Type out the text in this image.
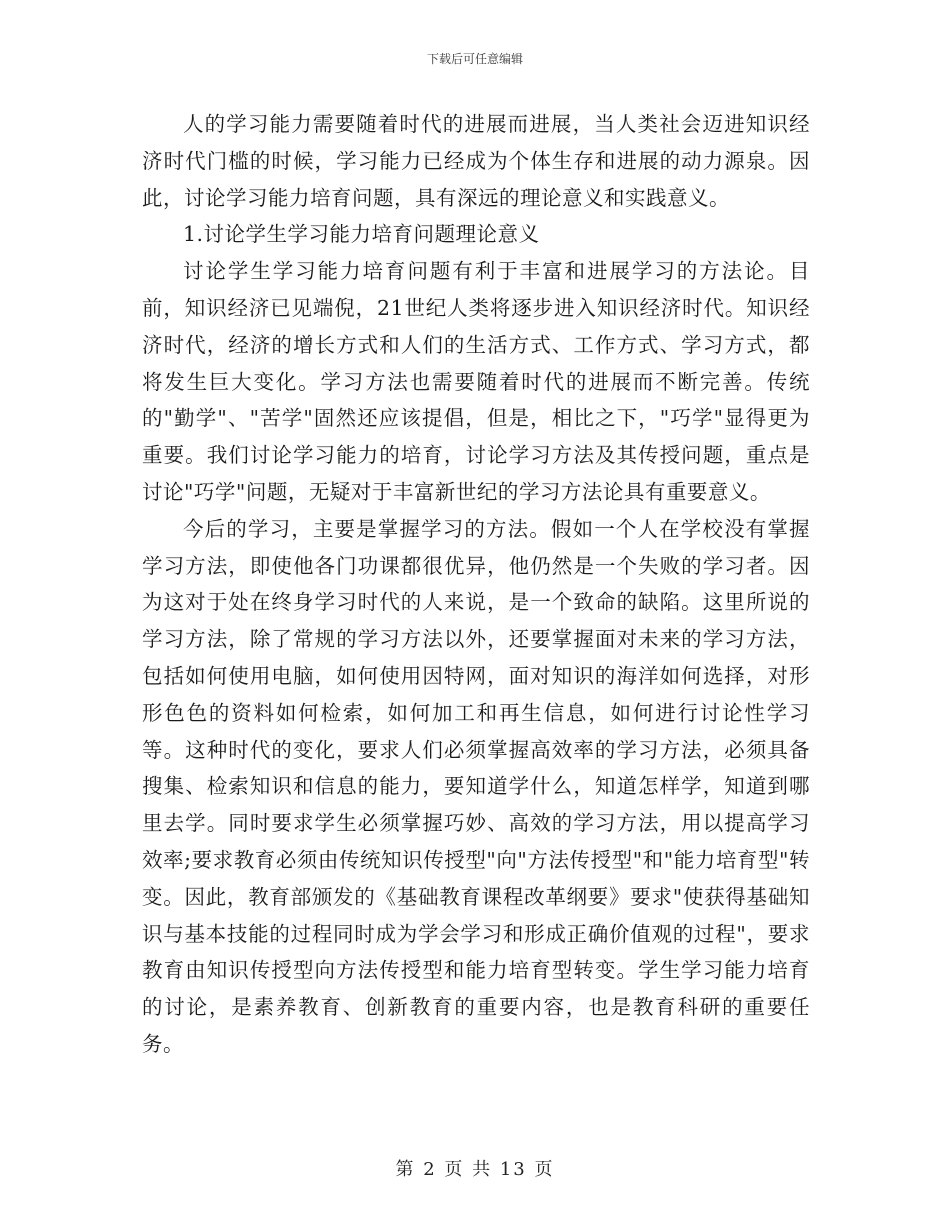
下载后可任意编辑

人的学习能力需要随着时代的进展而进展，当人类社会迈进知识经济时代门槛的时候，学习能力已经成为个体生存和进展的动力源泉。因此，讨论学习能力培育问题，具有深远的理论意义和实践意义。

1.讨论学生学习能力培育问题理论意义

讨论学生学习能力培育问题有利于丰富和进展学习的方法论。目前，知识经济已见端倪，21世纪人类将逐步进入知识经济时代。知识经济时代，经济的增长方式和人们的生活方式、工作方式、学习方式，都将发生巨大变化。学习方法也需要随着时代的进展而不断完善。传统的"勤学"、"苦学"固然还应该提倡，但是，相比之下，"巧学"显得更为重要。我们讨论学习能力的培育，讨论学习方法及其传授问题，重点是讨论"巧学"问题，无疑对于丰富新世纪的学习方法论具有重要意义。

今后的学习，主要是掌握学习的方法。假如一个人在学校没有掌握学习方法，即使他各门功课都很优异，他仍然是一个失败的学习者。因为这对于处在终身学习时代的人来说，是一个致命的缺陷。这里所说的学习方法，除了常规的学习方法以外，还要掌握面对未来的学习方法，包括如何使用电脑，如何使用因特网，面对知识的海洋如何选择，对形形色色的资料如何检索，如何加工和再生信息，如何进行讨论性学习等。这种时代的变化，要求人们必须掌握高效率的学习方法，必须具备搜集、检索知识和信息的能力，要知道学什么，知道怎样学，知道到哪里去学。同时要求学生必须掌握巧妙、高效的学习方法，用以提高学习效率;要求教育必须由传统知识传授型"向"方法传授型"和"能力培育型"转变。因此，教育部颁发的《基础教育课程改革纲要》要求"使获得基础知识与基本技能的过程同时成为学会学习和形成正确价值观的过程"，要求教育由知识传授型向方法传授型和能力培育型转变。学生学习能力培育的讨论，是素养教育、创新教育的重要内容，也是教育科研的重要任务。

第 2 页 共 13 页
